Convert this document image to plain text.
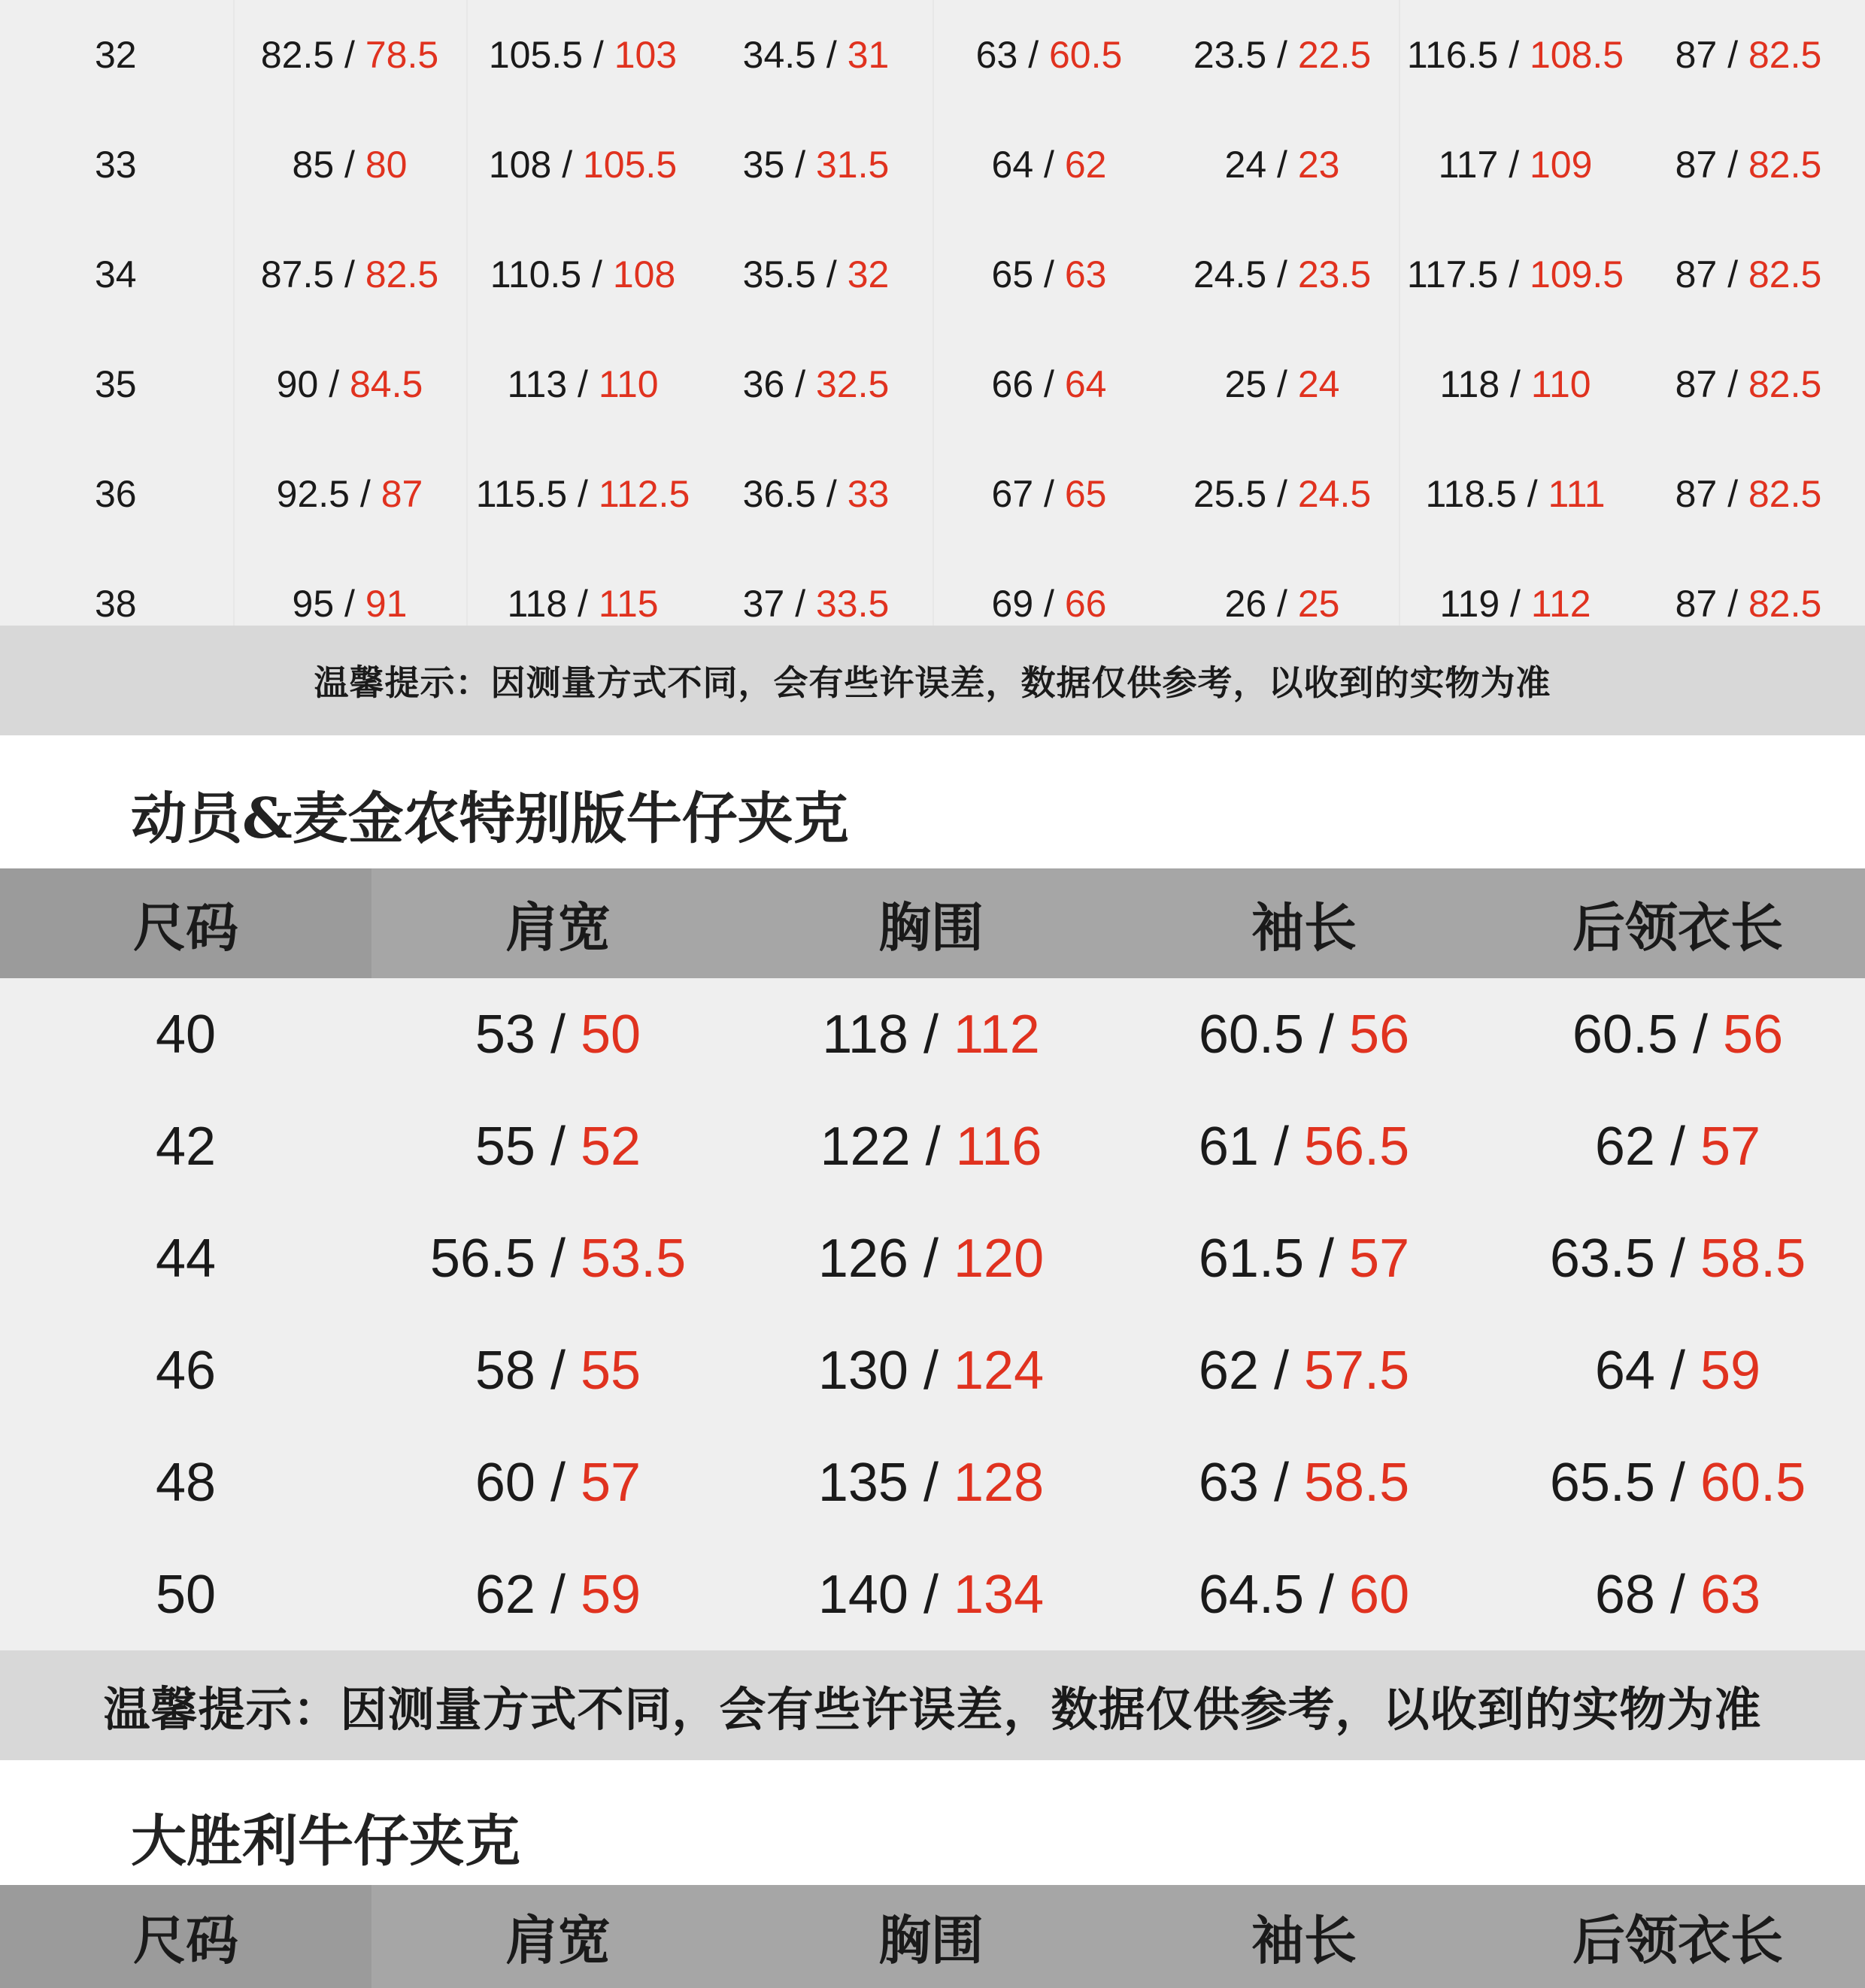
32	82.5 / 78.5 105.5 / 103 34.5 / 31 63 / 60.5 23.5 / 22.5 116.5 / 108.5 87 / 82.5
33	85 / 80 108 / 105.5 35 / 31.5	64 / 62	24 / 23	117 / 109 87 / 82.5
34	87.5 / 82.5 110.5 / 108 35.5 / 32	65 / 63 24.5 / 23.5 117.5 / 109.5 87 / 82.5
35	90 / 84.5 113 / 110 36 / 32.5	66 / 64	25 / 24	118 / 110 87 / 82.5
36	92.5 / 87 115.5 / 112.5 36.5 / 33	67 / 65 25.5 / 24.5 118.5 / 111 87 / 82.5
38	95 / 91	118 / 115 37 / 33.5	69 / 66	26 / 25	119 / 112 87 / 82.5
温馨提示：因测量方式不同，会有些许误差，数据仅供参考，以收到的实物为准
动员&麦金农特别版牛仔夹克
尺码	肩宽	胸围	袖长	后领衣长
40	53 / 50	118 / 112	60.5 / 56	60.5 / 56
42	55 / 52	122 / 116	61 / 56.5	62 / 57
44	56.5 / 53.5 126 / 120	61.5 / 57	63.5 / 58.5
46	58 / 55	130 / 124	62 / 57.5	64 / 59
48	60 / 57	135 / 128	63 / 58.5	65.5 / 60.5
50	62 / 59	140 / 134	64.5 / 60	68 / 63
温馨提示：因测量方式不同，会有些许误差，数据仅供参考，以收到的实物为准
大胜利牛仔夹克
尺码	肩宽	胸围	袖长	后领衣长
